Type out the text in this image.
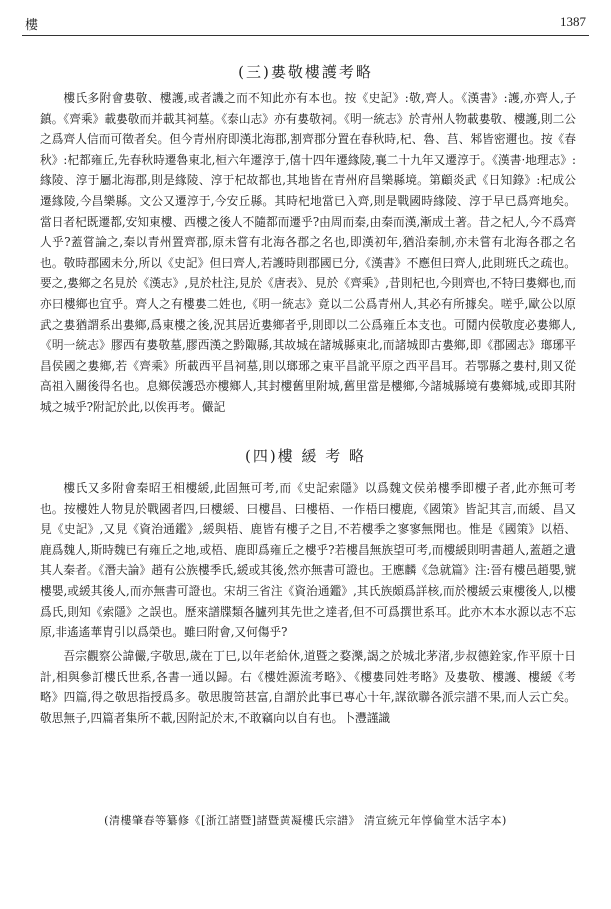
樓	1387
(三)婁敬樓護考略

樓氏多附會婁敬、樓護,或者譏之而不知此亦有本也。按《史記》:敬,齊人。《漢書》:護,亦齊人,子鎮。《齊乘》載婁敬而并載其祠墓。《泰山志》亦有婁敬祠。《明一統志》於青州人物載婁敬、樓護,則二公之爲齊人信而可徵者矣。但今青州府即漢北海郡,割齊郡分置在春秋時,杞、魯、莒、邾皆密邇也。按《春秋》:杞都雍丘,先春秋時遷魯東北,桓六年遷淳于,僖十四年遷緣陵,襄二十九年又遷淳于。《漢書·地理志》:緣陵、淳于屬北海郡,則是緣陵、淳于杞故都也,其地皆在青州府昌樂縣境。第顧炎武《日知錄》:杞成公遷緣陵,今昌樂縣。文公又遷淳于,今安丘縣。其時杞地當已入齊,則是戰國時緣陵、淳于早已爲齊地矣。當日者杞既遷都,安知東樓、西樓之後人不隨都而遷乎?由周而秦,由秦而漢,漸成土著。昔之杞人,今不爲齊人乎?蓋嘗論之,秦以青州置齊郡,原未嘗有北海各郡之名也,即漢初年,猶沿秦制,亦未嘗有北海各郡之名也。敬時郡國未分,所以《史記》但曰齊人,若護時則郡國已分,《漢書》不應但曰齊人,此則班氏之疏也。要之,婁鄉之名見於《漢志》,見於杜注,見於《唐表》、見於《齊乘》,昔則杞也,今則齊也,不特曰婁鄉也,而亦曰樓鄉也宜乎。齊人之有樓婁二姓也,《明一統志》竟以二公爲青州人,其必有所據矣。嗟乎,歐公以原武之婁猶謂系出婁鄉,爲東樓之後,況其居近婁鄉者乎,則即以二公爲雍丘本支也。可鬩内侯敬度必婁鄉人,《明一統志》膠西有婁敬墓,膠西漢之黔陬縣,其故城在諸城縣東北,而諸城即古婁鄉,即《郡國志》瑯琊平昌侯國之婁鄉,若《齊乘》所載西平昌祠墓,則以瑯琊之東平昌訛平原之西平昌耳。若鄂縣之婁村,則又從高祖入關後得名也。息鄉侯護恐亦樓鄉人,其封樓舊里附城,舊里當是樓鄉,今諸城縣境有婁鄉城,或即其附城之城乎?附記於此,以俟再考。儼記

(四)樓 緩 考 略

樓氏又多附會秦昭王相樓緩,此固無可考,而《史記索隱》以爲魏文侯弟樓季即樓子者,此亦無可考也。按樓姓人物見於戰國者四,曰樓緩、曰樓昌、曰樓梧、一作梧曰樓鹿,《國策》皆記其言,而緩、昌又見《史記》,又見《資治通鑑》,緩與梧、鹿皆有樓子之目,不若樓季之寥寥無聞也。惟是《國策》以梧、鹿爲魏人,斯時魏已有雍丘之地,或梧、鹿即爲雍丘之樓乎?若樓昌無族望可考,而樓緩則明書趙人,蓋趙之遺其人秦者。《潛夫論》趙有公族樓季氏,緩或其後,然亦無書可證也。王應麟《急就篇》注:晉有樓邑趙嬰,號樓嬰,或緩其後人,而亦無書可證也。宋胡三省注《資治通鑑》,其氏族頗爲詳核,而於樓緩云東樓後人,以樓爲氏,則知《索隱》之誤也。歷來譜牒類各臚列其先世之達者,但不可爲撰世系耳。此亦木本水源以志不忘原,非遙遙華胄引以爲榮也。雖曰附會,又何傷乎?

吾宗觀察公諱儼,字敬思,歲在丁巳,以年老給休,道暨之婺濼,謁之於城北茅渚,步叔德銓家,作平原十日計,相與參訂樓氏世系,各書一通以歸。右《樓姓源流考略》、《樓婁同姓考略》及婁敬、樓護、樓緩《考略》四篇,得之敬思指授爲多。敬思腹笥甚富,自謂於此事已專心十年,謀欲聯各派宗譜不果,而人云亡矣。敬思無子,四篇者集所不載,因附記於末,不敢竊向以自有也。卜灃謹識

(清樓肇春等纂修《[浙江諸暨]諸暨黄凝樓氏宗譜》 清宣統元年惇倫堂木活字本)
